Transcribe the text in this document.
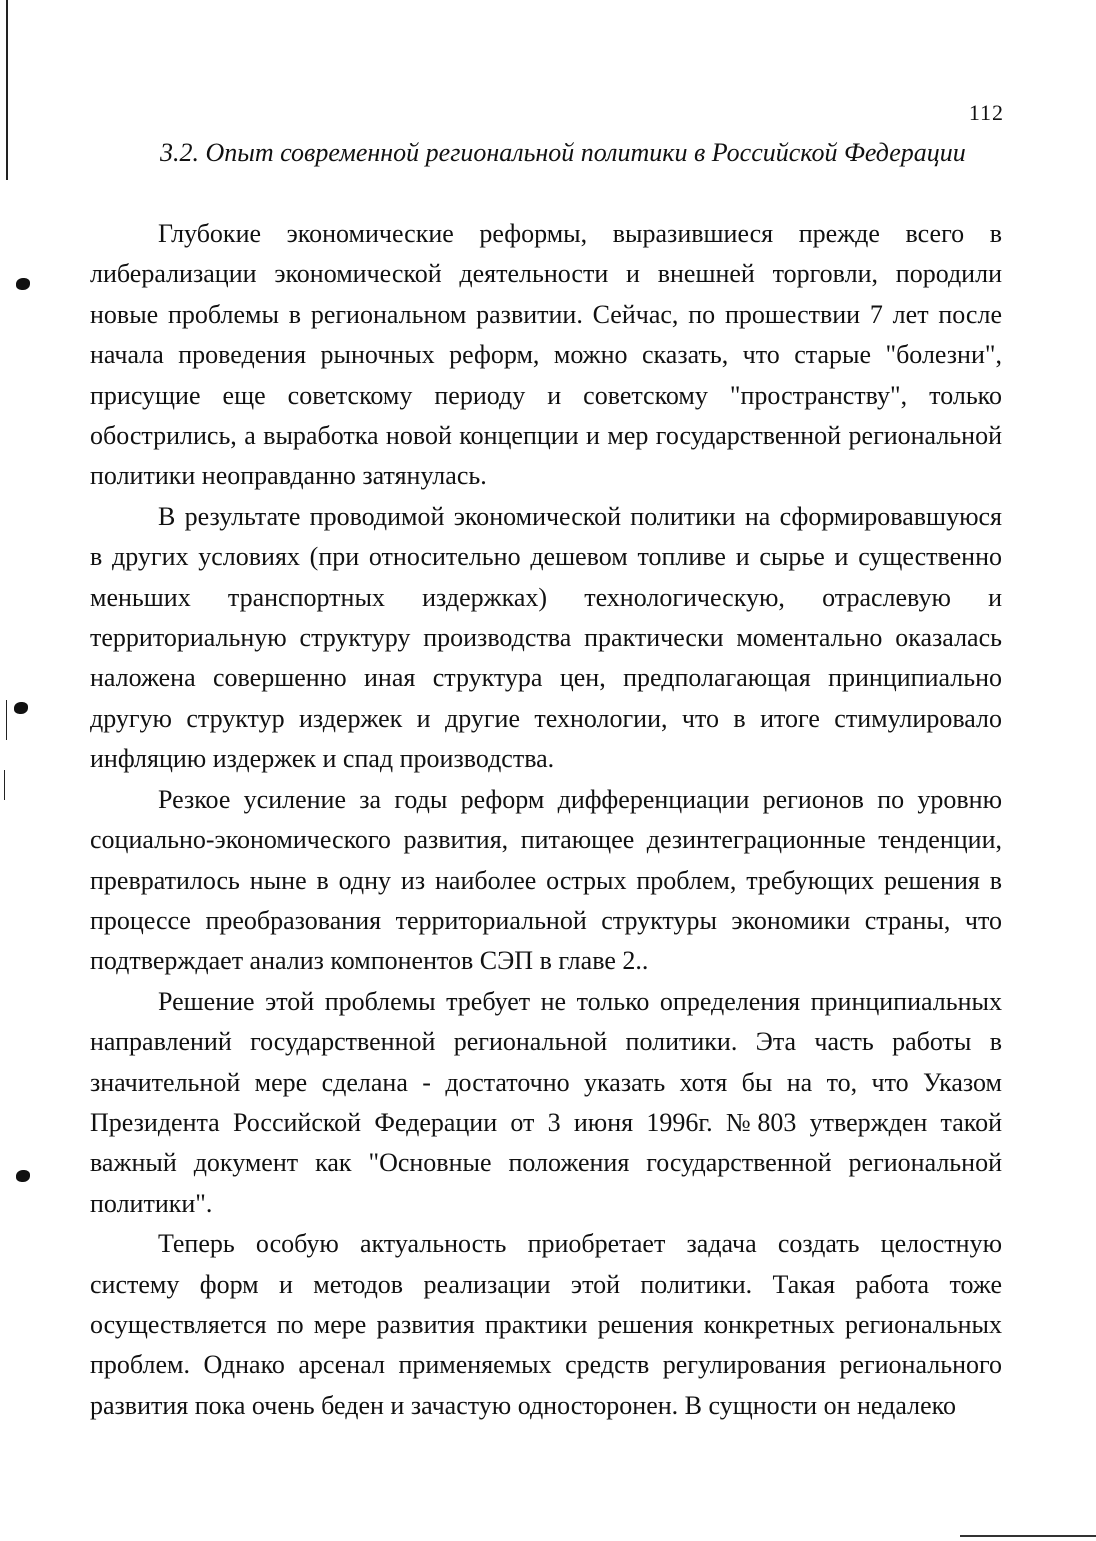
112
3.2. Опыт современной региональной политики в Российской Федерации

Глубокие экономические реформы, выразившиеся прежде всего в либерализации экономической деятельности и внешней торговли, породили новые проблемы в региональном развитии. Сейчас, по прошествии 7 лет после начала проведения рыночных реформ, можно сказать, что старые "болезни", присущие еще советскому периоду и советскому "пространству", только обострились, а выработка новой концепции и мер государственной региональной политики неоправданно затянулась.

В результате проводимой экономической политики на сформировавшуюся в других условиях (при относительно дешевом топливе и сырье и существенно меньших транспортных издержках) технологическую, отраслевую и территориальную структуру производства практически моментально оказалась наложена совершенно иная структура цен, предполагающая принципиально другую структур издержек и другие технологии, что в итоге стимулировало инфляцию издержек и спад производства.

Резкое усиление за годы реформ дифференциации регионов по уровню социально-экономического развития, питающее дезинтеграционные тенденции, превратилось ныне в одну из наиболее острых проблем, требующих решения в процессе преобразования территориальной структуры экономики страны, что подтверждает анализ компонентов СЭП в главе 2..

Решение этой проблемы требует не только определения принципиальных направлений государственной региональной политики. Эта часть работы в значительной мере сделана - достаточно указать хотя бы на то, что Указом Президента Российской Федерации от 3 июня 1996г. №803 утвержден такой важный документ как "Основные положения государственной региональной политики".

Теперь особую актуальность приобретает задача создать целостную систему форм и методов реализации этой политики. Такая работа тоже осуществляется по мере развития практики решения конкретных региональных проблем. Однако арсенал применяемых средств регулирования регионального развития пока очень беден и зачастую односторонен. В сущности он недалеко
